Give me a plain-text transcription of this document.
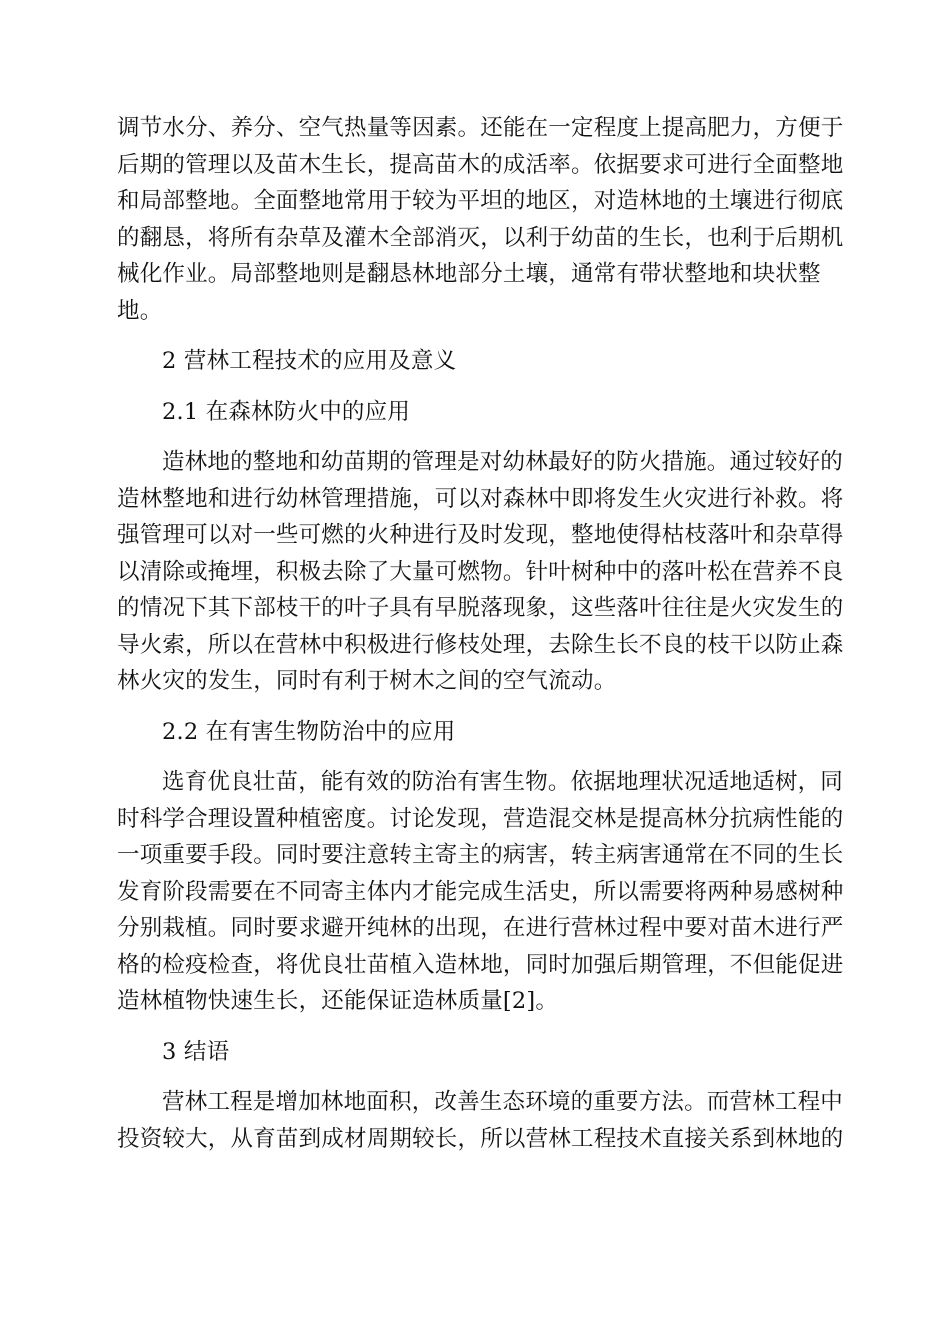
调节水分、养分、空气热量等因素。还能在一定程度上提高肥力，方便于
后期的管理以及苗木生长，提高苗木的成活率。依据要求可进行全面整地
和局部整地。全面整地常用于较为平坦的地区，对造林地的土壤进行彻底
的翻恳，将所有杂草及灌木全部消灭，以利于幼苗的生长，也利于后期机
械化作业。局部整地则是翻恳林地部分土壤，通常有带状整地和块状整
地。
2 营林工程技术的应用及意义
2.1 在森林防火中的应用
造林地的整地和幼苗期的管理是对幼林最好的防火措施。通过较好的
造林整地和进行幼林管理措施，可以对森林中即将发生火灾进行补救。将
强管理可以对一些可燃的火种进行及时发现，整地使得枯枝落叶和杂草得
以清除或掩埋，积极去除了大量可燃物。针叶树种中的落叶松在营养不良
的情况下其下部枝干的叶子具有早脱落现象，这些落叶往往是火灾发生的
导火索，所以在营林中积极进行修枝处理，去除生长不良的枝干以防止森
林火灾的发生，同时有利于树木之间的空气流动。
2.2 在有害生物防治中的应用
选育优良壮苗，能有效的防治有害生物。依据地理状况适地适树，同
时科学合理设置种植密度。讨论发现，营造混交林是提高林分抗病性能的
一项重要手段。同时要注意转主寄主的病害，转主病害通常在不同的生长
发育阶段需要在不同寄主体内才能完成生活史，所以需要将两种易感树种
分别栽植。同时要求避开纯林的出现，在进行营林过程中要对苗木进行严
格的检疫检查，将优良壮苗植入造林地，同时加强后期管理，不但能促进
造林植物快速生长，还能保证造林质量[2]。
3 结语
营林工程是增加林地面积，改善生态环境的重要方法。而营林工程中
投资较大，从育苗到成材周期较长，所以营林工程技术直接关系到林地的
